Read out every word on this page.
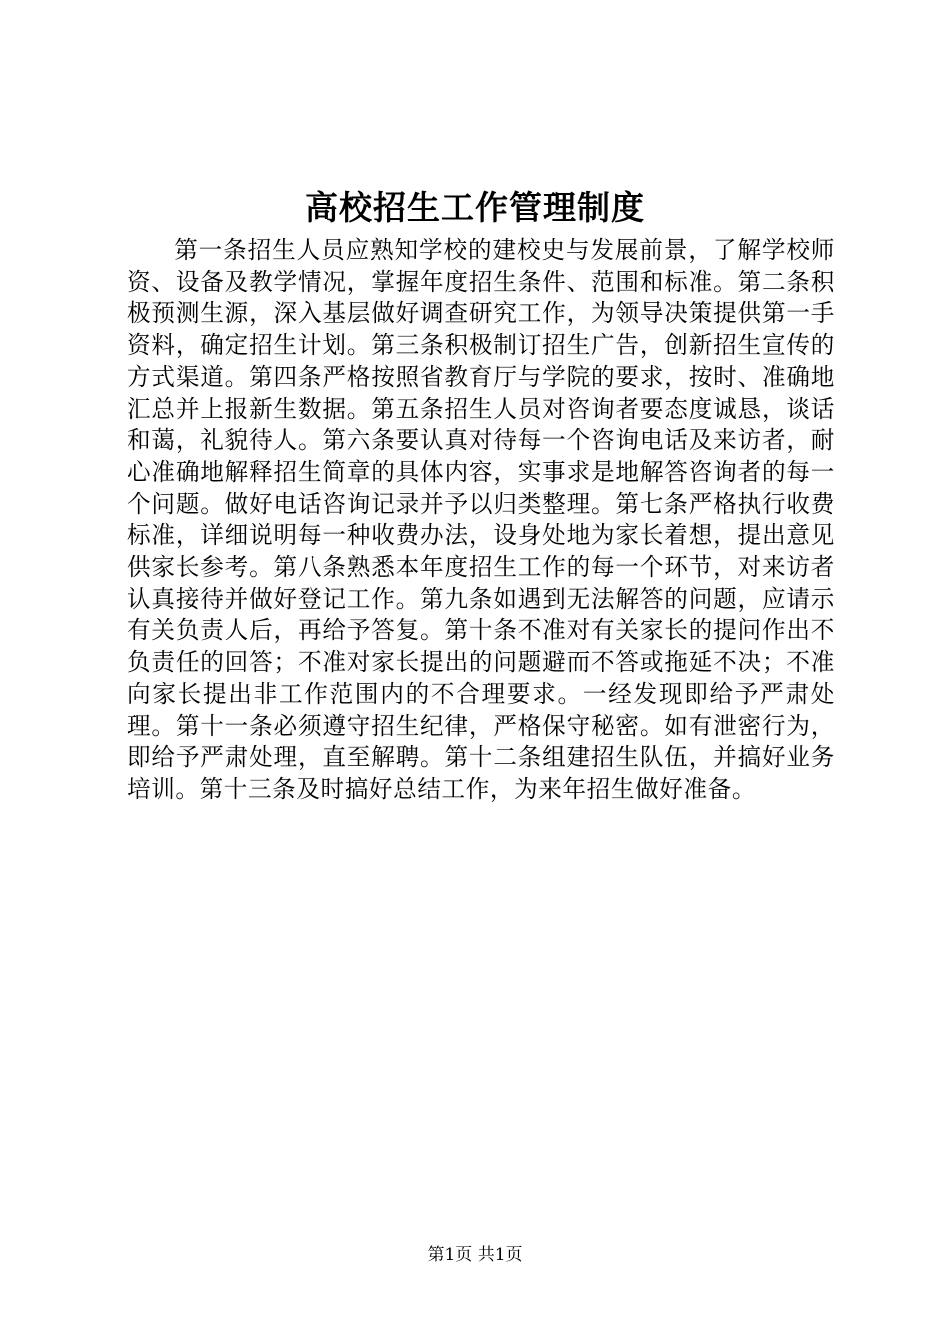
高校招生工作管理制度
第一条招生人员应熟知学校的建校史与发展前景，了解学校师资、设备及教学情况，掌握年度招生条件、范围和标准。第二条积极预测生源，深入基层做好调查研究工作，为领导决策提供第一手资料，确定招生计划。第三条积极制订招生广告，创新招生宣传的方式渠道。第四条严格按照省教育厅与学院的要求，按时、准确地汇总并上报新生数据。第五条招生人员对咨询者要态度诚恳，谈话和蔼，礼貌待人。第六条要认真对待每一个咨询电话及来访者，耐心准确地解释招生简章的具体内容，实事求是地解答咨询者的每一个问题。做好电话咨询记录并予以归类整理。第七条严格执行收费标准，详细说明每一种收费办法，设身处地为家长着想，提出意见供家长参考。第八条熟悉本年度招生工作的每一个环节，对来访者认真接待并做好登记工作。第九条如遇到无法解答的问题，应请示有关负责人后，再给予答复。第十条不准对有关家长的提问作出不负责任的回答；不准对家长提出的问题避而不答或拖延不决；不准向家长提出非工作范围内的不合理要求。一经发现即给予严肃处理。第十一条必须遵守招生纪律，严格保守秘密。如有泄密行为，即给予严肃处理，直至解聘。第十二条组建招生队伍，并搞好业务培训。第十三条及时搞好总结工作，为来年招生做好准备。
第1页 共1页
